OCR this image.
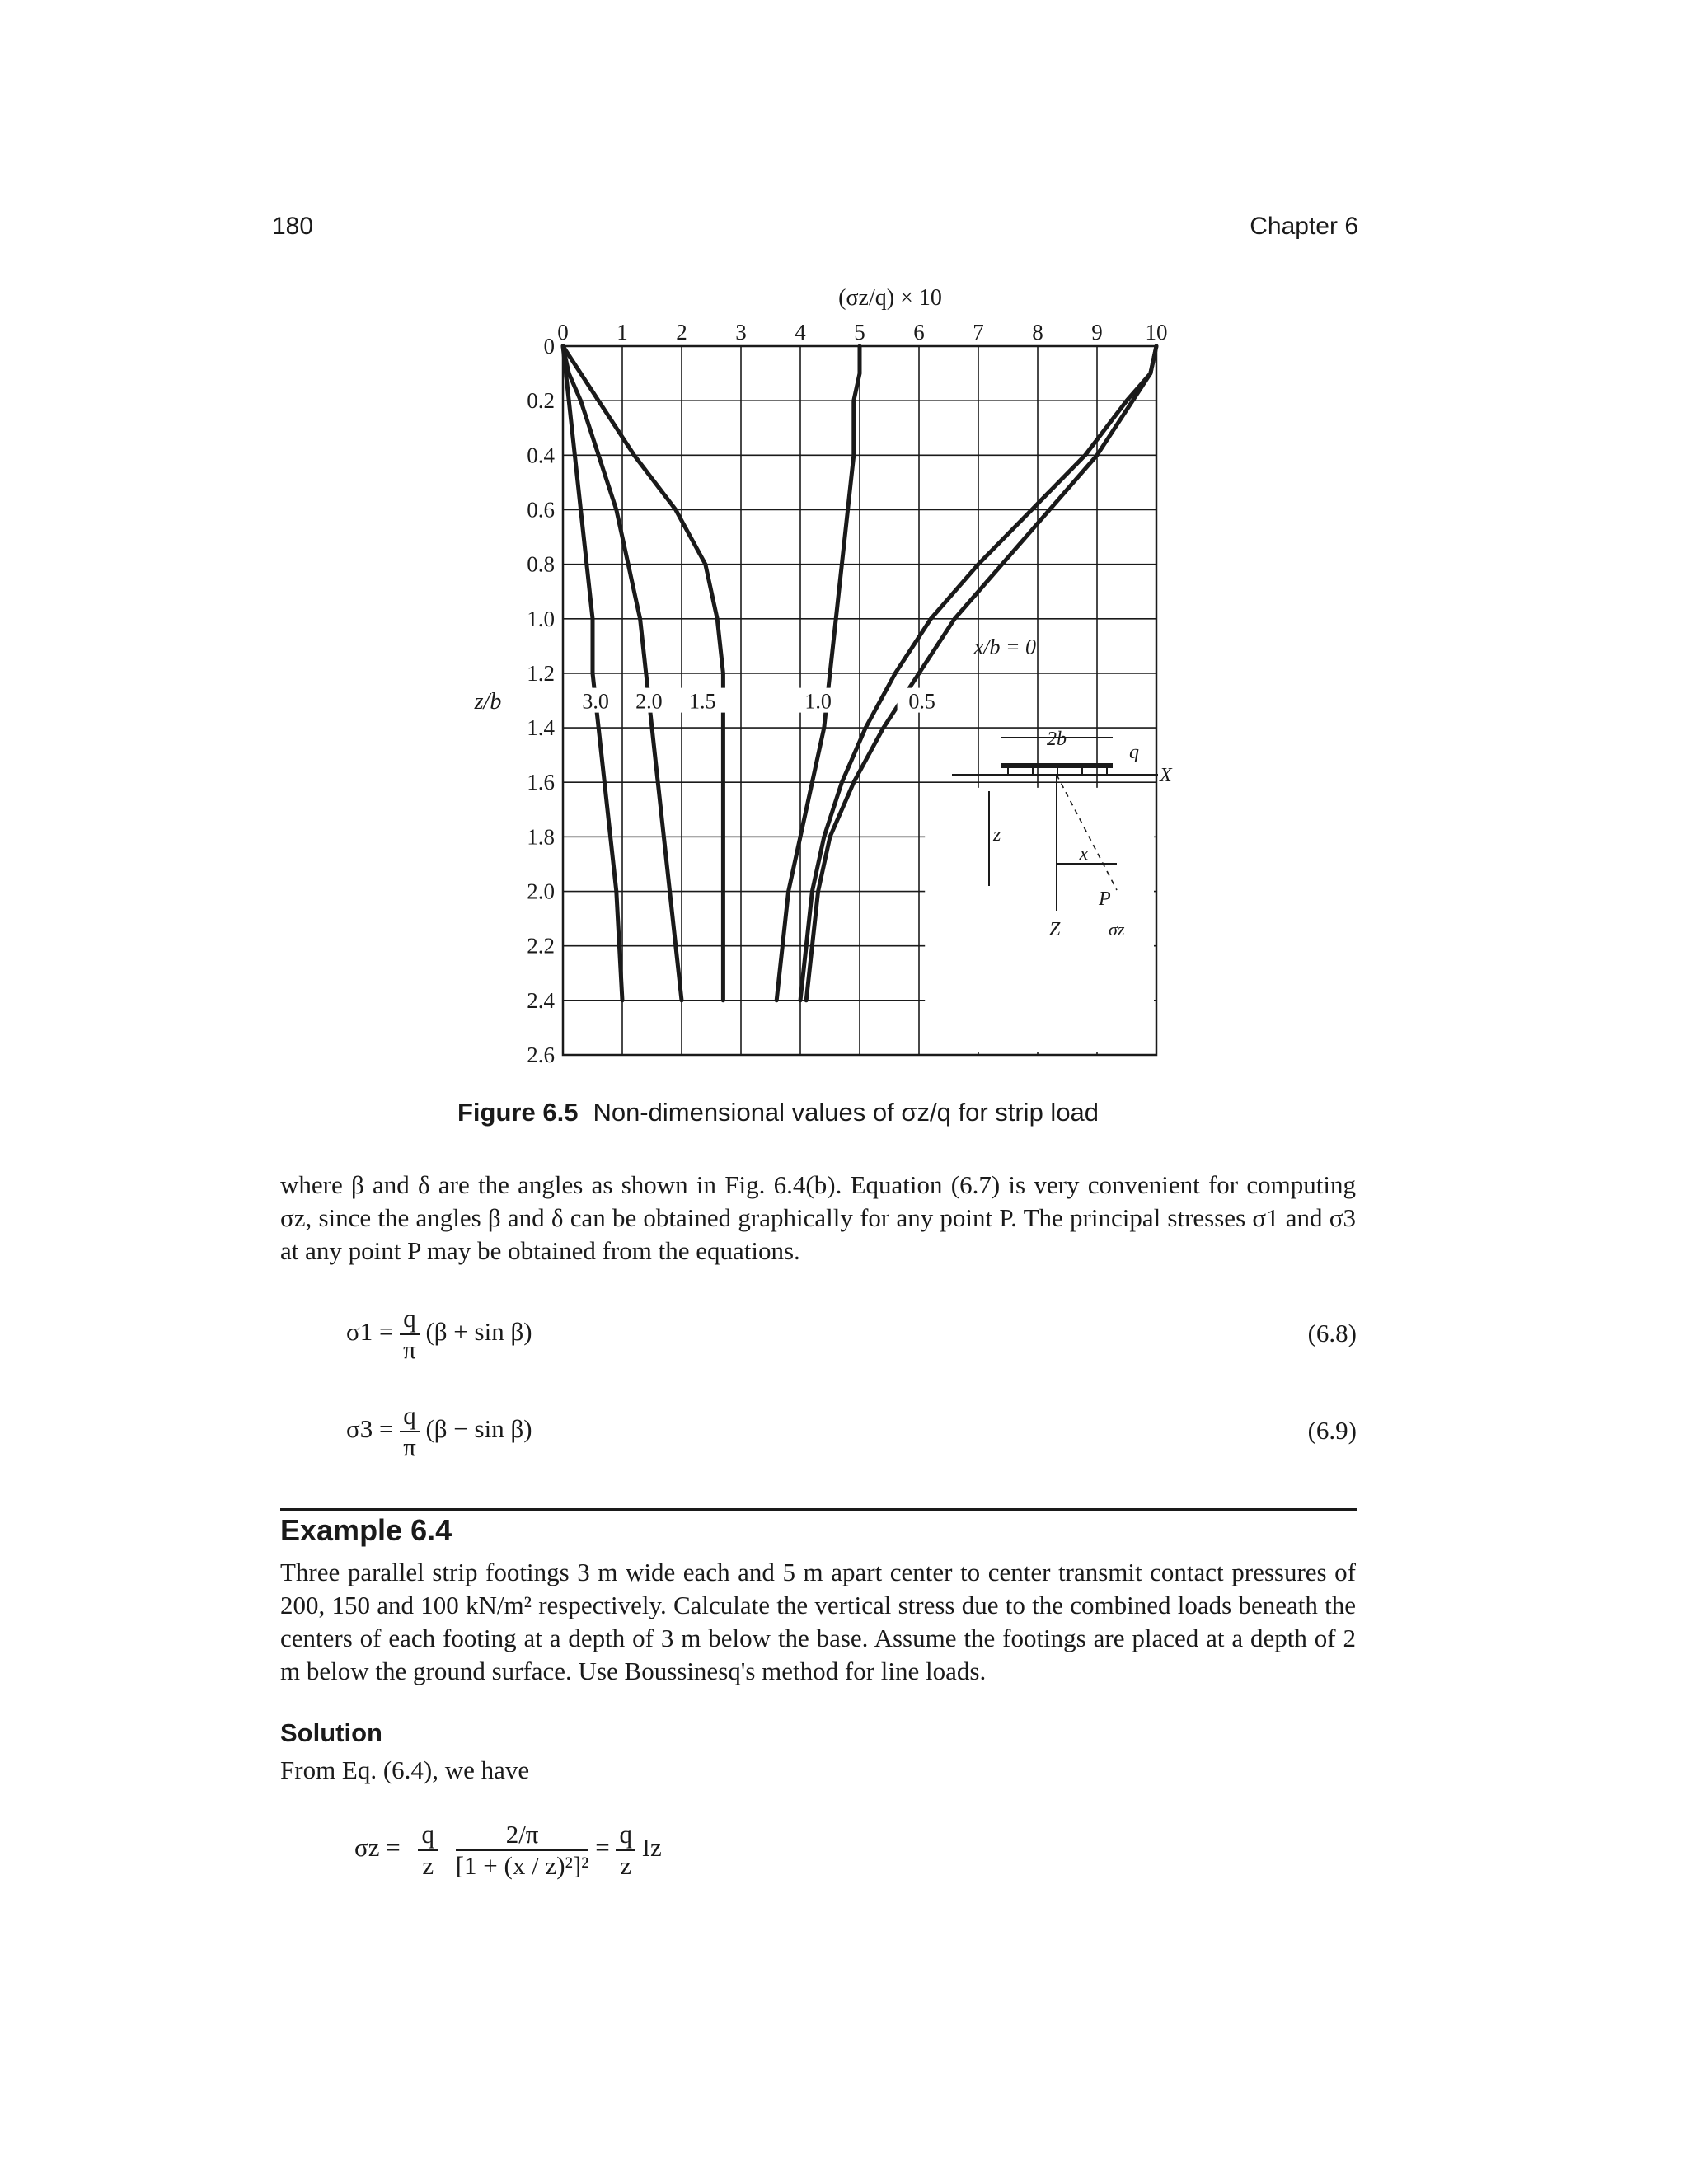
180	Chapter 6
(σz/q) × 10
z/b
0 1 2 3 4 5 6 7 8 9 10
0
0.2
0.4
0.6
0.8
1.0
1.2
1.4
1.6
1.8
2.0
2.2
2.4
2.6
3.0 2.0 1.5	1.0	0.5
x/b = 0
2b
q
X
Z
z
x
P
σz
Figure 6.5 Non-dimensional values of σz/q for strip load
where β and δ are the angles as shown in Fig. 6.4(b). Equation (6.7) is very convenient for computing σz, since the angles β and δ can be obtained graphically for any point P. The principal stresses σ1 and σ3 at any point P may be obtained from the equations.
$\sigma 1 = \frac{q}{\pi} (\beta + \sin \beta)$	(6.8)
$\sigma 3 = \frac{q}{\pi} (\beta - \sin \beta)$	(6.9)
Example 6.4
Three parallel strip footings 3 m wide each and 5 m apart center to center transmit contact pressures of 200, 150 and 100 kN/m² respectively. Calculate the vertical stress due to the combined loads beneath the centers of each footing at a depth of 3 m below the base. Assume the footings are placed at a depth of 2 m below the ground surface. Use Boussinesq's method for line loads.
Solution
From Eq. (6.4), we have
$\sigma z = \frac{q}{z}$
$\frac{2/\pi}{\text{[1 + (x / z)²]²}} = \frac{q}{z}$ Iz
